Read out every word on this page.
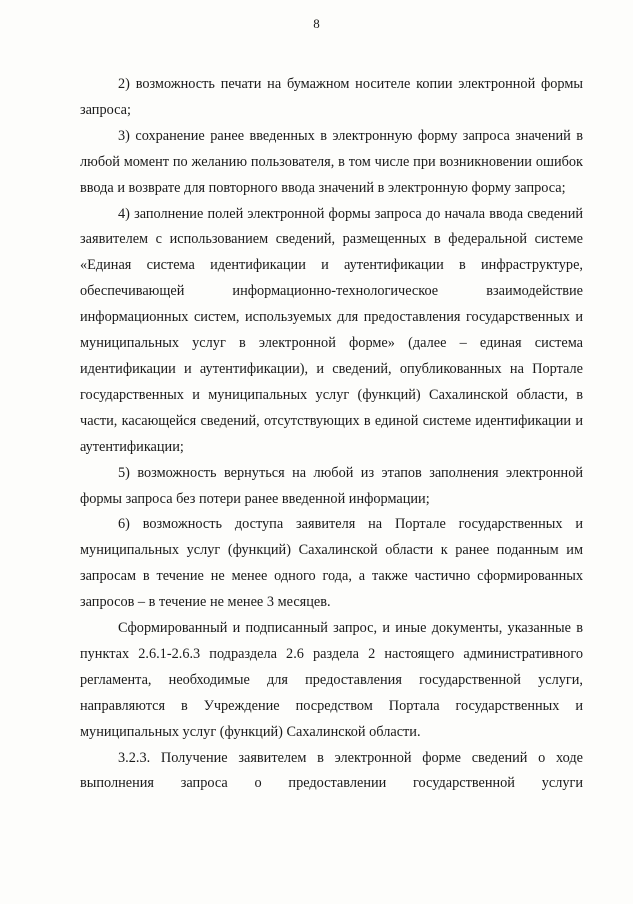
8

2) возможность печати на бумажном носителе копии электронной формы запроса;

3) сохранение ранее введенных в электронную форму запроса значений в любой момент по желанию пользователя, в том числе при возникновении ошибок ввода и возврате для повторного ввода значений в электронную форму запроса;

4) заполнение полей электронной формы запроса до начала ввода сведений заявителем с использованием сведений, размещенных в федеральной системе «Единая система идентификации и аутентификации в инфраструктуре, обеспечивающей информационно-технологическое взаимодействие информационных систем, используемых для предоставления государственных и муниципальных услуг в электронной форме» (далее – единая система идентификации и аутентификации), и сведений, опубликованных на Портале государственных и муниципальных услуг (функций) Сахалинской области, в части, касающейся сведений, отсутствующих в единой системе идентификации и аутентификации;

5) возможность вернуться на любой из этапов заполнения электронной формы запроса без потери ранее введенной информации;

6) возможность доступа заявителя на Портале государственных и муниципальных услуг (функций) Сахалинской области к ранее поданным им запросам в течение не менее одного года, а также частично сформированных запросов – в течение не менее 3 месяцев.

Сформированный и подписанный запрос, и иные документы, указанные в пунктах 2.6.1-2.6.3 подраздела 2.6 раздела 2 настоящего административного регламента, необходимые для предоставления государственной услуги, направляются в Учреждение посредством Портала государственных и муниципальных услуг (функций) Сахалинской области.

3.2.3. Получение заявителем в электронной форме сведений о ходе выполнения запроса о предоставлении государственной услуги
